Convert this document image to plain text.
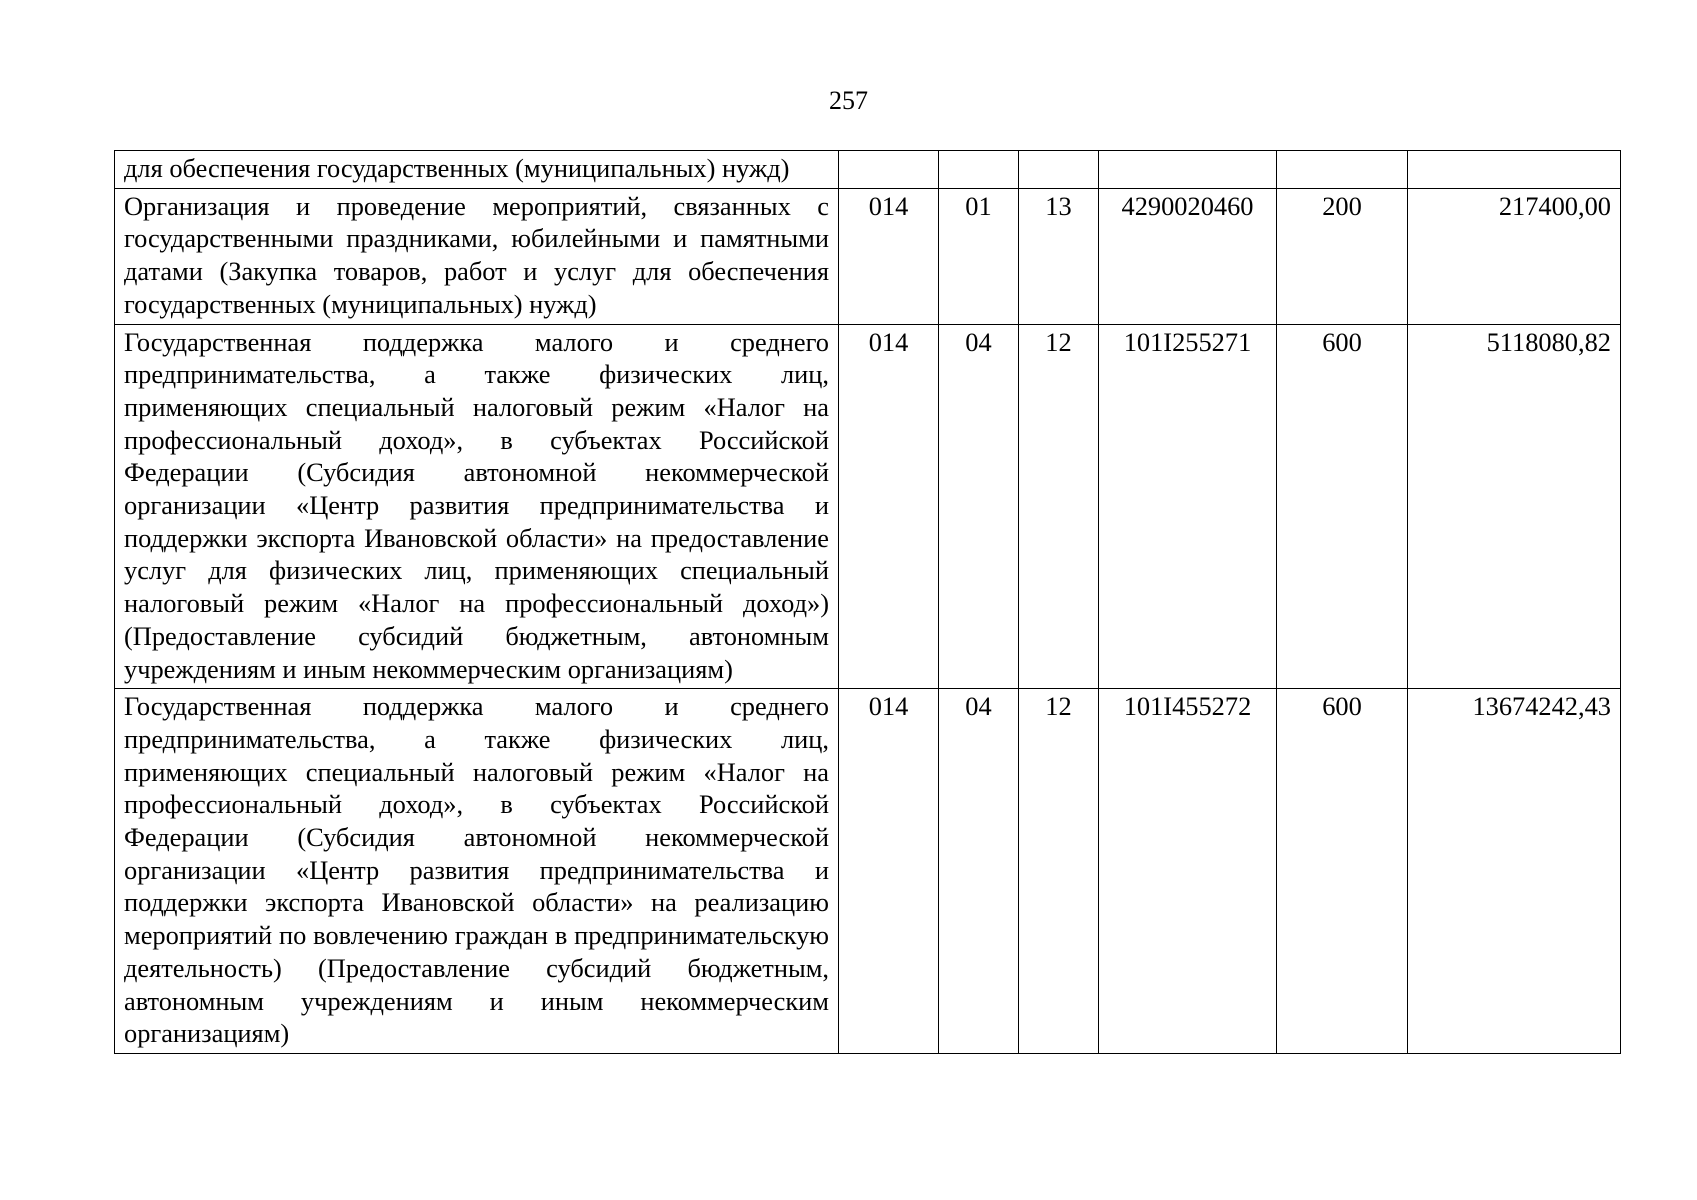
257
для обеспечения государственных (муниципальных) нужд)						
Организация и проведение мероприятий, связанных с государственными праздниками, юбилейными и памятными датами (Закупка товаров, работ и услуг для обеспечения государственных (муниципальных) нужд)	014	01	13	4290020460	200	217400,00
Государственная поддержка малого и среднего предпринимательства, а также физических лиц, применяющих специальный налоговый режим «Налог на профессиональный доход», в субъектах Российской Федерации (Субсидия автономной некоммерческой организации «Центр развития предпринимательства и поддержки экспорта Ивановской области» на предоставление услуг для физических лиц, применяющих специальный налоговый режим «Налог на профессиональный доход») (Предоставление субсидий бюджетным, автономным учреждениям и иным некоммерческим организациям)	014	04	12	101I255271	600	5118080,82
Государственная поддержка малого и среднего предпринимательства, а также физических лиц, применяющих специальный налоговый режим «Налог на профессиональный доход», в субъектах Российской Федерации (Субсидия автономной некоммерческой организации «Центр развития предпринимательства и поддержки экспорта Ивановской области» на реализацию мероприятий по вовлечению граждан в предпринимательскую деятельность) (Предоставление субсидий бюджетным, автономным учреждениям и иным некоммерческим организациям)	014	04	12	101I455272	600	13674242,43
